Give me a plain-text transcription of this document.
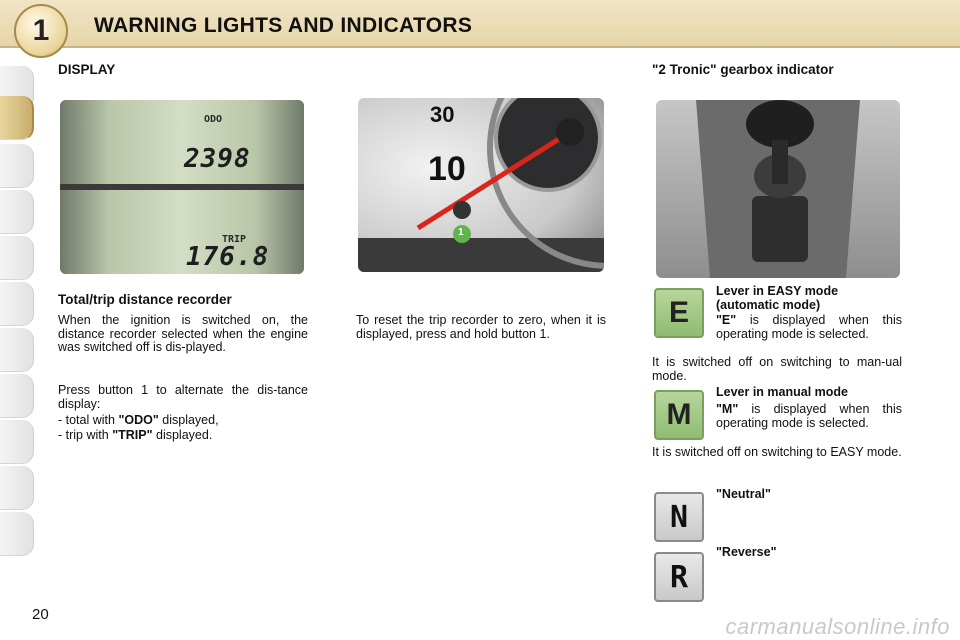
1	WARNING LIGHTS AND INDICATORS
DISPLAY
ODO
2398
TRIP
176.8
Total/trip distance recorder
When the ignition is switched on, the distance recorder selected when the engine was switched off is dis-played.
Press button 1 to alternate the dis-tance display:
- total with "ODO" displayed,
- trip with "TRIP" displayed.
30
10
1
To reset the trip recorder to zero, when it is displayed, press and hold button 1.
"2 Tronic" gearbox indicator
E
Lever in EASY mode (automatic mode)
"E" is displayed when this operating mode is selected.
It is switched off on switching to man-ual mode.
M
Lever in manual mode
"M" is displayed when this operating mode is selected.
It is switched off on switching to EASY mode.
N
"Neutral"
R
"Reverse"
20	carmanualsonline.info
